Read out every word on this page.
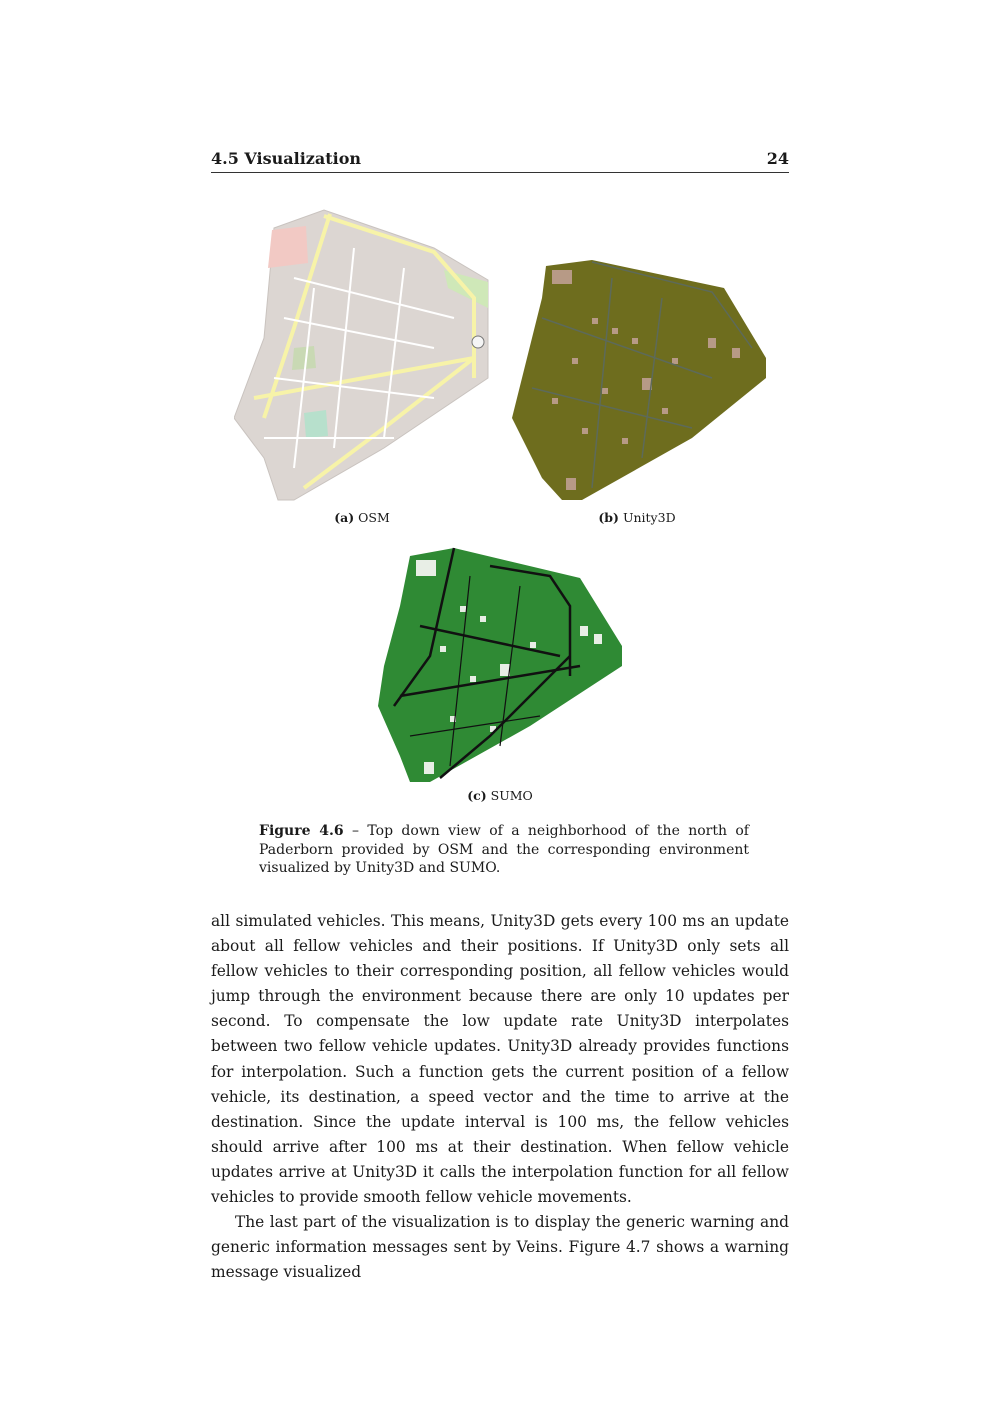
4.5 Visualization	24
(a) OSM	(b) Unity3D
(c) SUMO
Figure 4.6 – Top down view of a neighborhood of the north of Paderborn provided by OSM and the corresponding environment visualized by Unity3D and SUMO.

all simulated vehicles. This means, Unity3D gets every 100 ms an update about all fellow vehicles and their positions. If Unity3D only sets all fellow vehicles to their corresponding position, all fellow vehicles would jump through the environment because there are only 10 updates per second. To compensate the low update rate Unity3D interpolates between two fellow vehicle updates. Unity3D already provides functions for interpolation. Such a function gets the current position of a fellow vehicle, its destination, a speed vector and the time to arrive at the destination. Since the update interval is 100 ms, the fellow vehicles should arrive after 100 ms at their destination. When fellow vehicle updates arrive at Unity3D it calls the interpolation function for all fellow vehicles to provide smooth fellow vehicle movements.

The last part of the visualization is to display the generic warning and generic information messages sent by Veins. Figure 4.7 shows a warning message visualized
